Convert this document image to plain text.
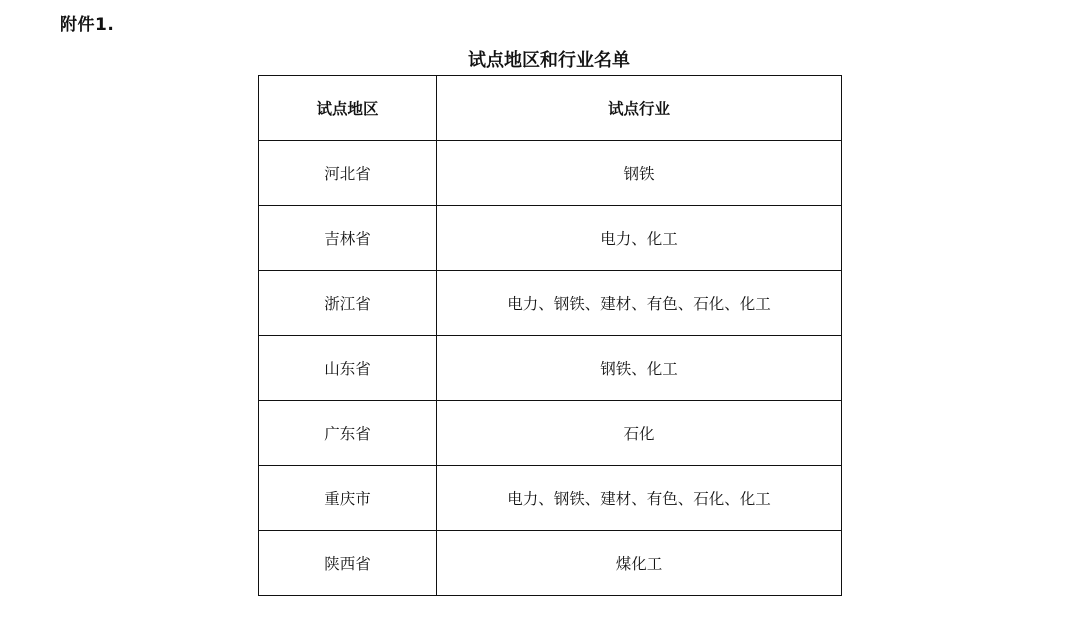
附件1.
试点地区和行业名单
试点地区	试点行业
河北省	钢铁
吉林省	电力、化工
浙江省	电力、钢铁、建材、有色、石化、化工
山东省	钢铁、化工
广东省	石化
重庆市	电力、钢铁、建材、有色、石化、化工
陕西省	煤化工
